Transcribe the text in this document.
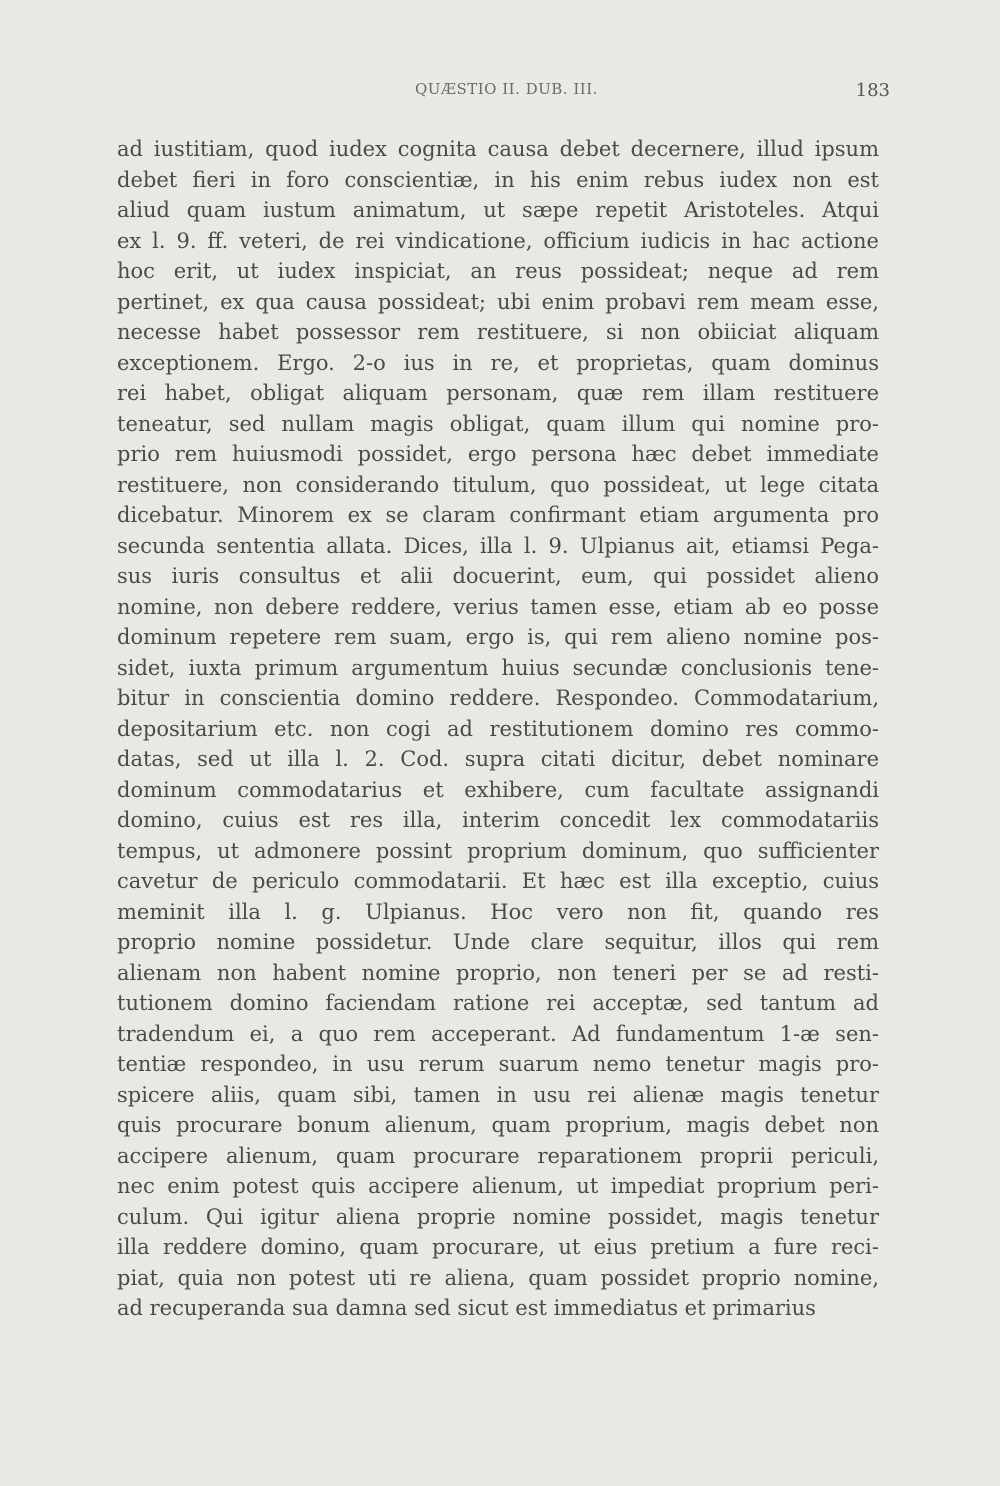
QUÆSTIO II. DUB. III.	183
ad iustitiam, quod iudex cognita causa debet decernere, illud ipsum
debet fieri in foro conscientiæ, in his enim rebus iudex non est
aliud quam iustum animatum, ut sæpe repetit Aristoteles. Atqui
ex l. 9. ff. veteri, de rei vindicatione, officium iudicis in hac actione
hoc erit, ut iudex inspiciat, an reus possideat; neque ad rem
pertinet, ex qua causa possideat; ubi enim probavi rem meam esse,
necesse habet possessor rem restituere, si non obiiciat aliquam
exceptionem. Ergo. 2-o ius in re, et proprietas, quam dominus
rei habet, obligat aliquam personam, quæ rem illam restituere
teneatur, sed nullam magis obligat, quam illum qui nomine pro-
prio rem huiusmodi possidet, ergo persona hæc debet immediate
restituere, non considerando titulum, quo possideat, ut lege citata
dicebatur. Minorem ex se claram confirmant etiam argumenta pro
secunda sententia allata. Dices, illa l. 9. Ulpianus ait, etiamsi Pega-
sus iuris consultus et alii docuerint, eum, qui possidet alieno
nomine, non debere reddere, verius tamen esse, etiam ab eo posse
dominum repetere rem suam, ergo is, qui rem alieno nomine pos-
sidet, iuxta primum argumentum huius secundæ conclusionis tene-
bitur in conscientia domino reddere. Respondeo. Commodatarium,
depositarium etc. non cogi ad restitutionem domino res commo-
datas, sed ut illa l. 2. Cod. supra citati dicitur, debet nominare
dominum commodatarius et exhibere, cum facultate assignandi
domino, cuius est res illa, interim concedit lex commodatariis
tempus, ut admonere possint proprium dominum, quo sufficienter
cavetur de periculo commodatarii. Et hæc est illa exceptio, cuius
meminit illa l. g. Ulpianus. Hoc vero non fit, quando res
proprio nomine possidetur. Unde clare sequitur, illos qui rem
alienam non habent nomine proprio, non teneri per se ad resti-
tutionem domino faciendam ratione rei acceptæ, sed tantum ad
tradendum ei, a quo rem acceperant. Ad fundamentum 1-æ sen-
tentiæ respondeo, in usu rerum suarum nemo tenetur magis pro-
spicere aliis, quam sibi, tamen in usu rei alienæ magis tenetur
quis procurare bonum alienum, quam proprium, magis debet non
accipere alienum, quam procurare reparationem proprii periculi,
nec enim potest quis accipere alienum, ut impediat proprium peri-
culum. Qui igitur aliena proprie nomine possidet, magis tenetur
illa reddere domino, quam procurare, ut eius pretium a fure reci-
piat, quia non potest uti re aliena, quam possidet proprio nomine,
ad recuperanda sua damna sed sicut est immediatus et primarius
